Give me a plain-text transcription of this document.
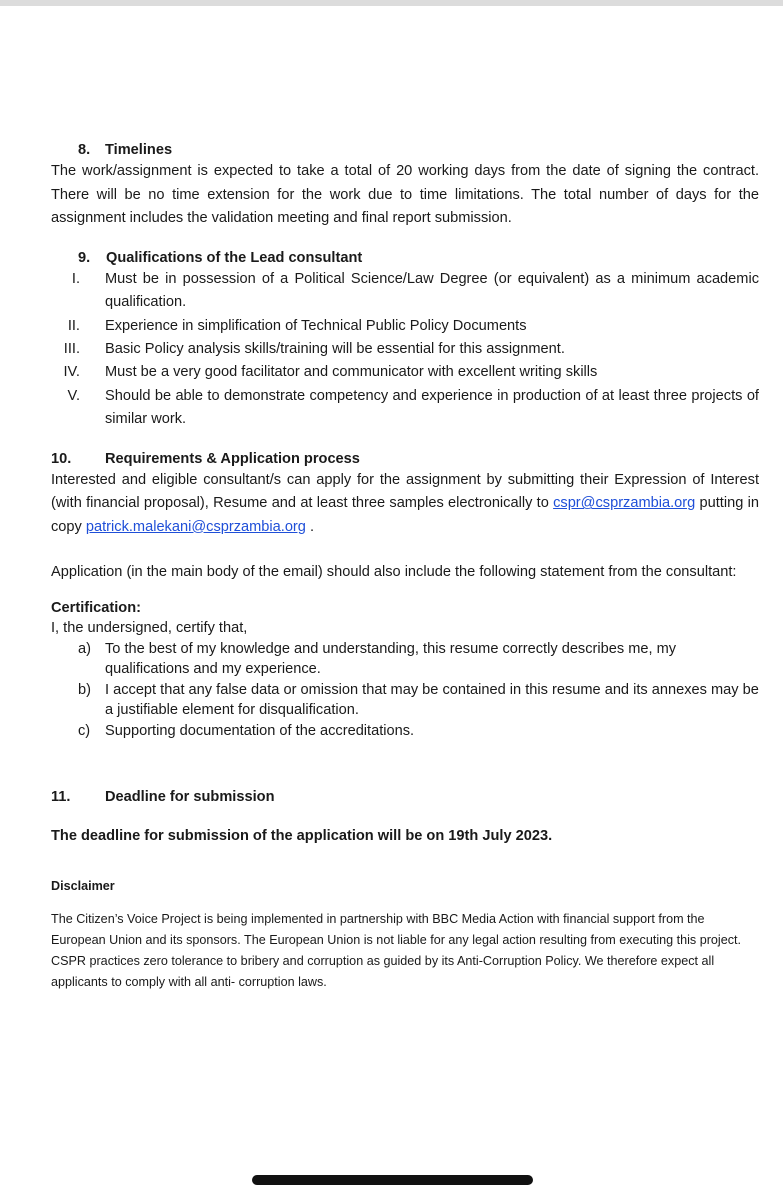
8. Timelines

The work/assignment is expected to take a total of 20 working days from the date of signing the contract. There will be no time extension for the work due to time limitations. The total number of days for the assignment includes the validation meeting and final report submission.

9. Qualifications of the Lead consultant

I. Must be in possession of a Political Science/Law Degree (or equivalent) as a minimum academic qualification.
II. Experience in simplification of Technical Public Policy Documents
III. Basic Policy analysis skills/training will be essential for this assignment.
IV. Must be a very good facilitator and communicator with excellent writing skills
V. Should be able to demonstrate competency and experience in production of at least three projects of similar work.

10. Requirements & Application process

Interested and eligible consultant/s can apply for the assignment by submitting their Expression of Interest (with financial proposal), Resume and at least three samples electronically to cspr@csprzambia.org putting in copy patrick.malekani@csprzambia.org .

Application (in the main body of the email) should also include the following statement from the consultant:

Certification:

I, the undersigned, certify that,

a) To the best of my knowledge and understanding, this resume correctly describes me, my qualifications and my experience.
b) I accept that any false data or omission that may be contained in this resume and its annexes may be a justifiable element for disqualification.
c) Supporting documentation of the accreditations.

11. Deadline for submission

The deadline for submission of the application will be on 19th July 2023.

Disclaimer

The Citizen’s Voice Project is being implemented in partnership with BBC Media Action with financial support from the European Union and its sponsors. The European Union is not liable for any legal action resulting from executing this project.

CSPR practices zero tolerance to bribery and corruption as guided by its Anti-Corruption Policy. We therefore expect all applicants to comply with all anti- corruption laws.
